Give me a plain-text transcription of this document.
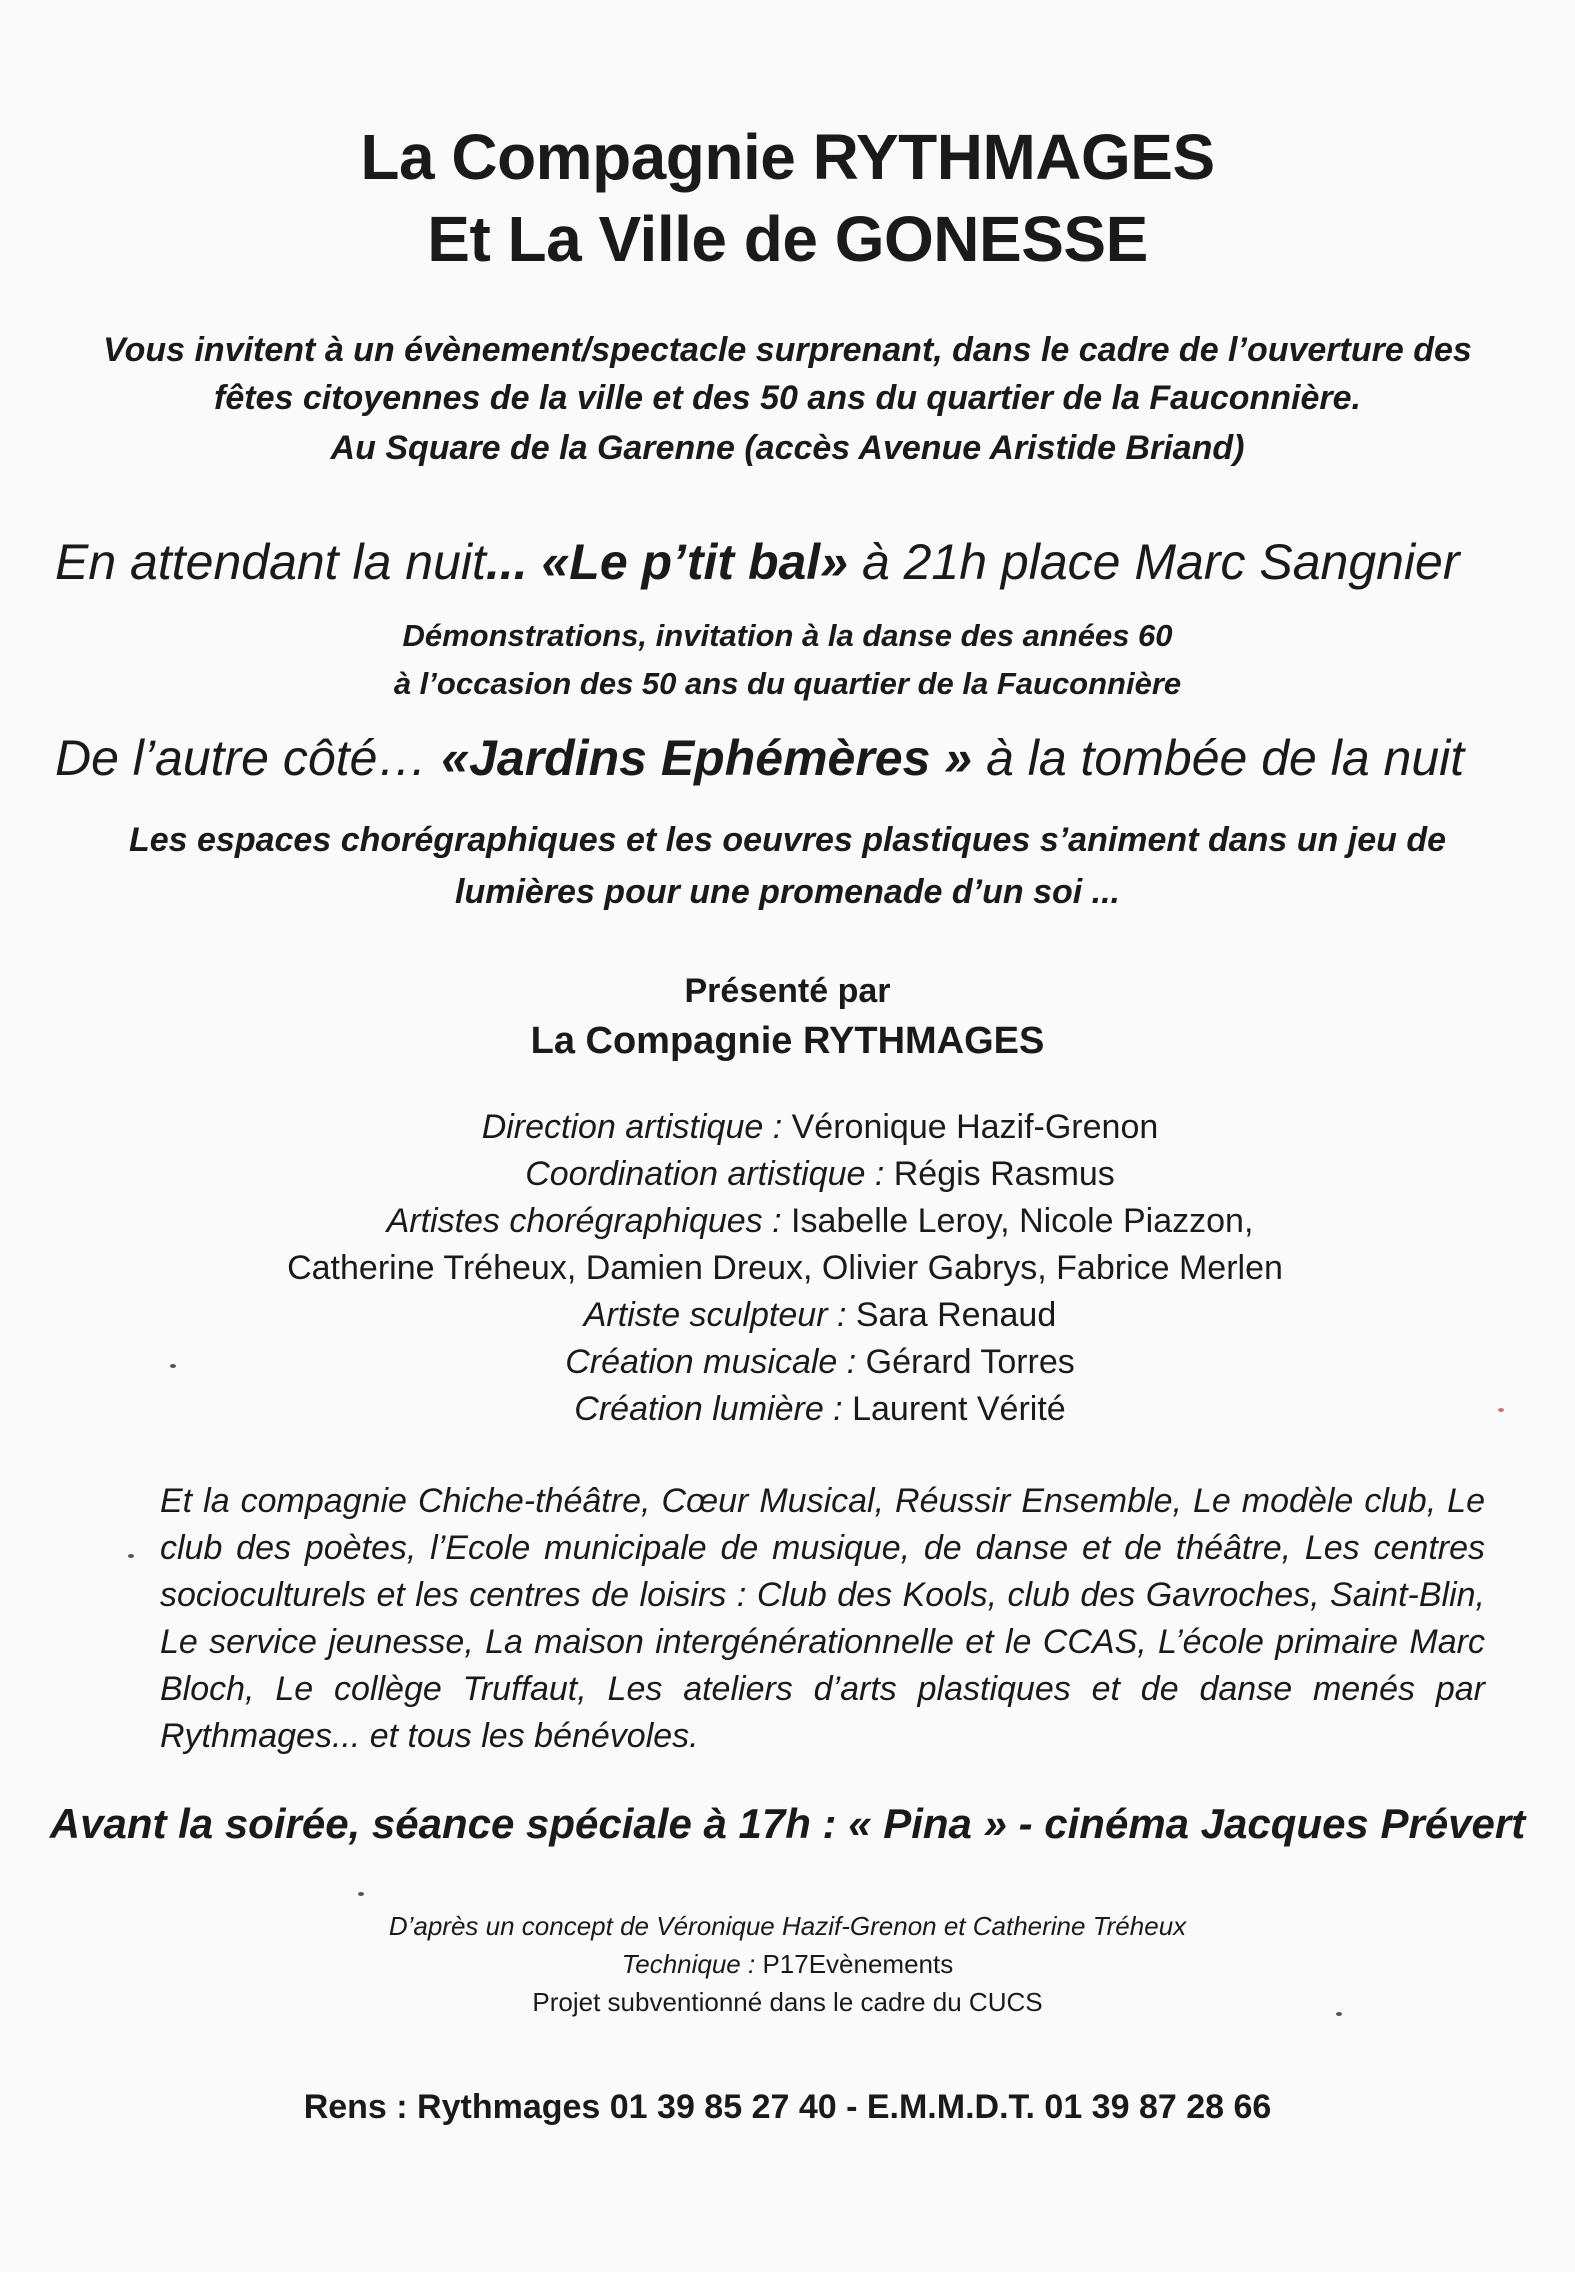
La Compagnie RYTHMAGES
Et La Ville de GONESSE
Vous invitent à un évènement/spectacle surprenant, dans le cadre de l’ouverture des
fêtes citoyennes de la ville et des 50 ans du quartier de la Fauconnière.
Au Square de la Garenne (accès Avenue Aristide Briand)
En attendant la nuit... «Le p’tit bal» à 21h place Marc Sangnier
Démonstrations, invitation à la danse des années 60
à l’occasion des 50 ans du quartier de la Fauconnière
De l’autre côté… «Jardins Ephémères » à la tombée de la nuit
Les espaces chorégraphiques et les oeuvres plastiques s’animent dans un jeu de
lumières pour une promenade d’un soi ...
Présenté par
La Compagnie RYTHMAGES
Direction artistique : Véronique Hazif-Grenon
Coordination artistique : Régis Rasmus
Artistes chorégraphiques : Isabelle Leroy, Nicole Piazzon,
Catherine Tréheux, Damien Dreux, Olivier Gabrys, Fabrice Merlen
Artiste sculpteur : Sara Renaud
Création musicale : Gérard Torres
Création lumière : Laurent Vérité
Et la compagnie Chiche-théâtre, Cœur Musical, Réussir Ensemble, Le modèle club, Le club des poètes, l’Ecole municipale de musique, de danse et de théâtre, Les centres socioculturels et les centres de loisirs : Club des Kools, club des Gavroches, Saint-Blin, Le service jeunesse, La maison intergénérationnelle et le CCAS, L’école primaire Marc Bloch, Le collège Truffaut, Les ateliers d’arts plastiques et de danse menés par Rythmages... et tous les bénévoles.
Avant la soirée, séance spéciale à 17h : « Pina » - cinéma Jacques Prévert
D’après un concept de Véronique Hazif-Grenon et Catherine Tréheux
Technique : P17Evènements
Projet subventionné dans le cadre du CUCS
Rens : Rythmages 01 39 85 27 40 - E.M.M.D.T. 01 39 87 28 66
